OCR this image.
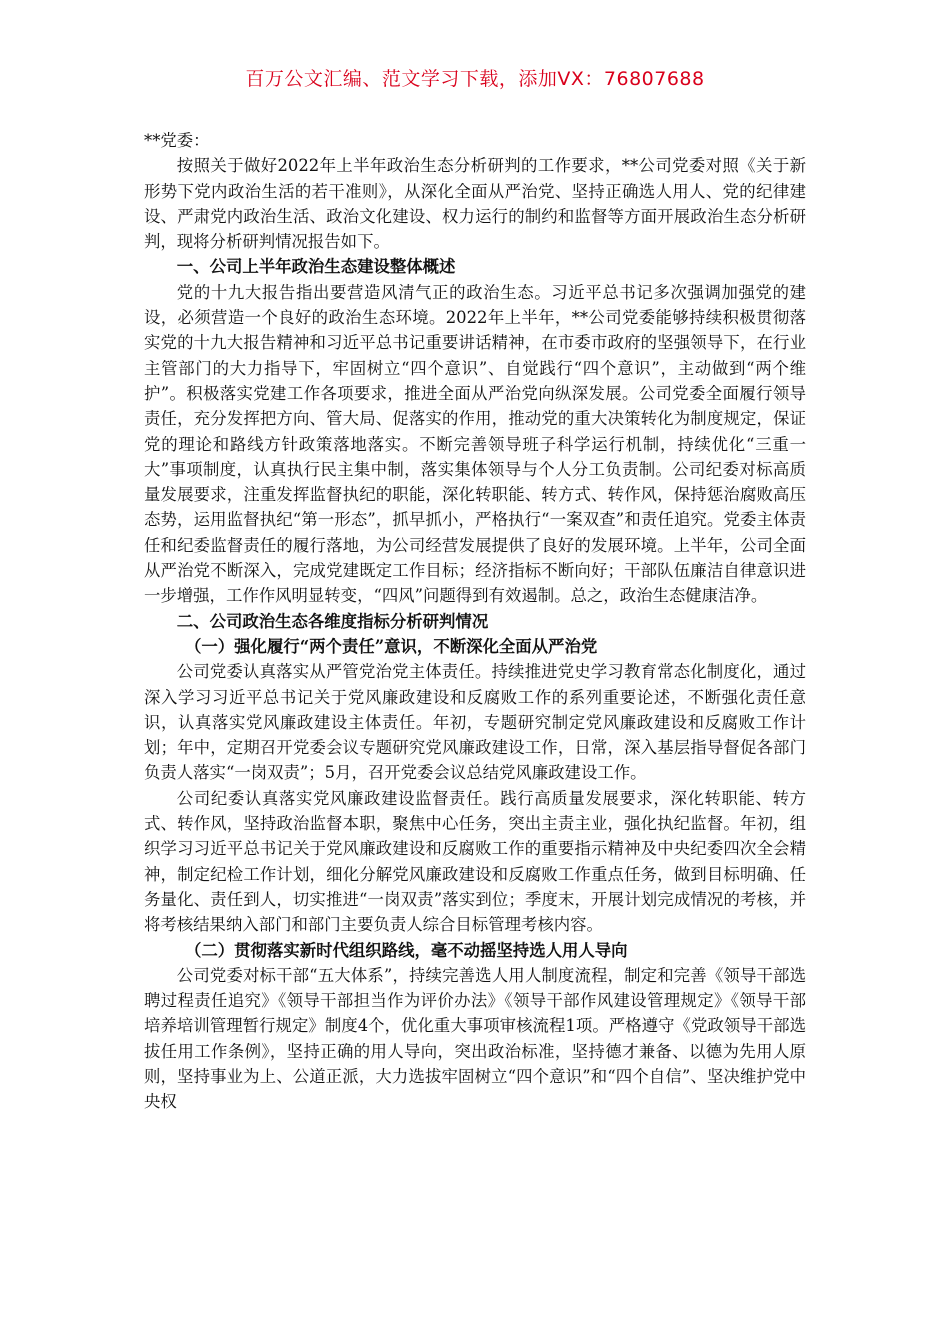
百万公文汇编、范文学习下载，添加VX：76807688

**党委：

按照关于做好2022年上半年政治生态分析研判的工作要求，**公司党委对照《关于新形势下党内政治生活的若干准则》，从深化全面从严治党、坚持正确选人用人、党的纪律建设、严肃党内政治生活、政治文化建设、权力运行的制约和监督等方面开展政治生态分析研判，现将分析研判情况报告如下。

一、公司上半年政治生态建设整体概述

党的十九大报告指出要营造风清气正的政治生态。习近平总书记多次强调加强党的建设，必须营造一个良好的政治生态环境。2022年上半年，**公司党委能够持续积极贯彻落实党的十九大报告精神和习近平总书记重要讲话精神，在市委市政府的坚强领导下，在行业主管部门的大力指导下，牢固树立“四个意识”、自觉践行“四个意识”，主动做到“两个维护”。积极落实党建工作各项要求，推进全面从严治党向纵深发展。公司党委全面履行领导责任，充分发挥把方向、管大局、促落实的作用，推动党的重大决策转化为制度规定，保证党的理论和路线方针政策落地落实。不断完善领导班子科学运行机制，持续优化“三重一大”事项制度，认真执行民主集中制，落实集体领导与个人分工负责制。公司纪委对标高质量发展要求，注重发挥监督执纪的职能，深化转职能、转方式、转作风，保持惩治腐败高压态势，运用监督执纪“第一形态”，抓早抓小，严格执行“一案双查”和责任追究。党委主体责任和纪委监督责任的履行落地，为公司经营发展提供了良好的发展环境。上半年，公司全面从严治党不断深入，完成党建既定工作目标；经济指标不断向好；干部队伍廉洁自律意识进一步增强，工作作风明显转变，“四风”问题得到有效遏制。总之，政治生态健康洁净。

二、公司政治生态各维度指标分析研判情况
（一）强化履行“两个责任”意识，不断深化全面从严治党

公司党委认真落实从严管党治党主体责任。持续推进党史学习教育常态化制度化，通过深入学习习近平总书记关于党风廉政建设和反腐败工作的系列重要论述，不断强化责任意识，认真落实党风廉政建设主体责任。年初，专题研究制定党风廉政建设和反腐败工作计划；年中，定期召开党委会议专题研究党风廉政建设工作，日常，深入基层指导督促各部门负责人落实“一岗双责”；5月，召开党委会议总结党风廉政建设工作。

公司纪委认真落实党风廉政建设监督责任。践行高质量发展要求，深化转职能、转方式、转作风，坚持政治监督本职，聚焦中心任务，突出主责主业，强化执纪监督。年初，组织学习习近平总书记关于党风廉政建设和反腐败工作的重要指示精神及中央纪委四次全会精神，制定纪检工作计划，细化分解党风廉政建设和反腐败工作重点任务，做到目标明确、任务量化、责任到人，切实推进“一岗双责”落实到位；季度末，开展计划完成情况的考核，并将考核结果纳入部门和部门主要负责人综合目标管理考核内容。

（二）贯彻落实新时代组织路线，毫不动摇坚持选人用人导向

公司党委对标干部“五大体系”，持续完善选人用人制度流程，制定和完善《领导干部选聘过程责任追究》《领导干部担当作为评价办法》《领导干部作风建设管理规定》《领导干部培养培训管理暂行规定》制度4个，优化重大事项审核流程1项。严格遵守《党政领导干部选拔任用工作条例》，坚持正确的用人导向，突出政治标准，坚持德才兼备、以德为先用人原则，坚持事业为上、公道正派，大力选拔牢固树立“四个意识”和“四个自信”、坚决维护党中央权
